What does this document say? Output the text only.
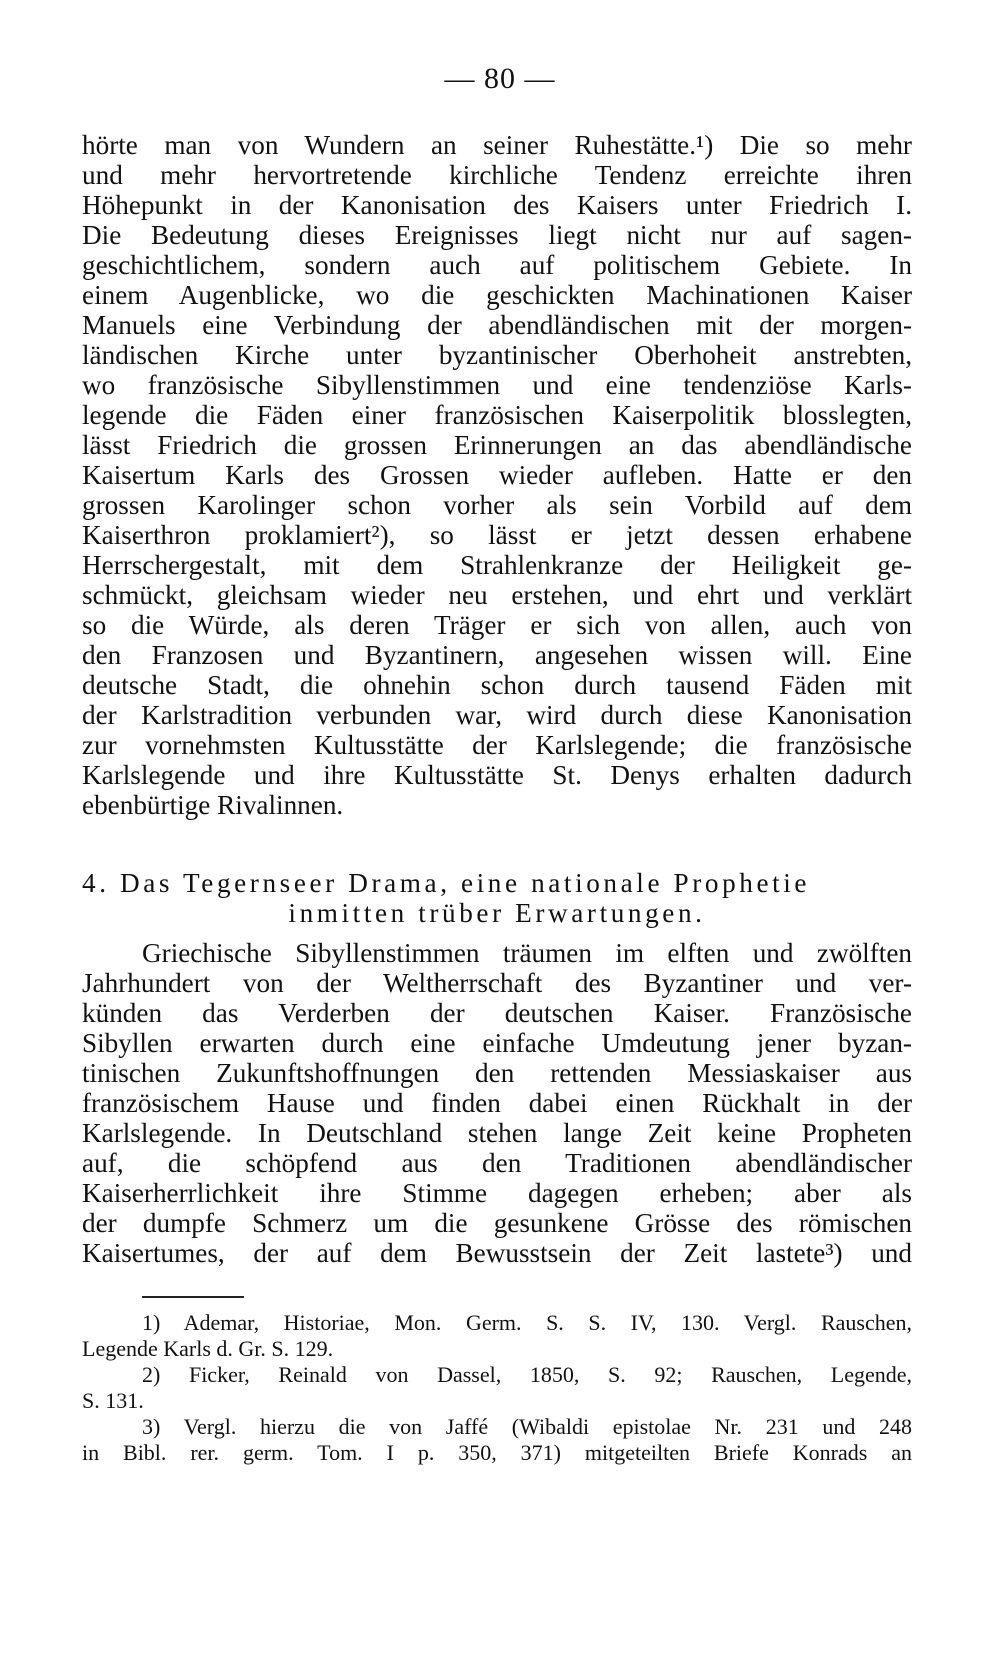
— 80 —
hörte man von Wundern an seiner Ruhestätte.¹) Die so mehr
und mehr hervortretende kirchliche Tendenz erreichte ihren
Höhepunkt in der Kanonisation des Kaisers unter Friedrich I.
Die Bedeutung dieses Ereignisses liegt nicht nur auf sagen-
geschichtlichem, sondern auch auf politischem Gebiete. In
einem Augenblicke, wo die geschickten Machinationen Kaiser
Manuels eine Verbindung der abendländischen mit der morgen-
ländischen Kirche unter byzantinischer Oberhoheit anstrebten,
wo französische Sibyllenstimmen und eine tendenziöse Karls-
legende die Fäden einer französischen Kaiserpolitik blosslegten,
lässt Friedrich die grossen Erinnerungen an das abendländische
Kaisertum Karls des Grossen wieder aufleben. Hatte er den
grossen Karolinger schon vorher als sein Vorbild auf dem
Kaiserthron proklamiert²), so lässt er jetzt dessen erhabene
Herrschergestalt, mit dem Strahlenkranze der Heiligkeit ge-
schmückt, gleichsam wieder neu erstehen, und ehrt und verklärt
so die Würde, als deren Träger er sich von allen, auch von
den Franzosen und Byzantinern, angesehen wissen will. Eine
deutsche Stadt, die ohnehin schon durch tausend Fäden mit
der Karlstradition verbunden war, wird durch diese Kanonisation
zur vornehmsten Kultusstätte der Karlslegende; die französische
Karlslegende und ihre Kultusstätte St. Denys erhalten dadurch
ebenbürtige Rivalinnen.
4. Das Tegernseer Drama, eine nationale Prophetie
inmitten trüber Erwartungen.
Griechische Sibyllenstimmen träumen im elften und zwölften
Jahrhundert von der Weltherrschaft des Byzantiner und ver-
künden das Verderben der deutschen Kaiser. Französische
Sibyllen erwarten durch eine einfache Umdeutung jener byzan-
tinischen Zukunftshoffnungen den rettenden Messiaskaiser aus
französischem Hause und finden dabei einen Rückhalt in der
Karlslegende. In Deutschland stehen lange Zeit keine Propheten
auf, die schöpfend aus den Traditionen abendländischer
Kaiserherrlichkeit ihre Stimme dagegen erheben; aber als
der dumpfe Schmerz um die gesunkene Grösse des römischen
Kaisertumes, der auf dem Bewusstsein der Zeit lastete³) und
1) Ademar, Historiae, Mon. Germ. S. S. IV, 130. Vergl. Rauschen,
Legende Karls d. Gr. S. 129.
2) Ficker, Reinald von Dassel, 1850, S. 92; Rauschen, Legende,
S. 131.
3) Vergl. hierzu die von Jaffé (Wibaldi epistolae Nr. 231 und 248
in Bibl. rer. germ. Tom. I p. 350, 371) mitgeteilten Briefe Konrads an
